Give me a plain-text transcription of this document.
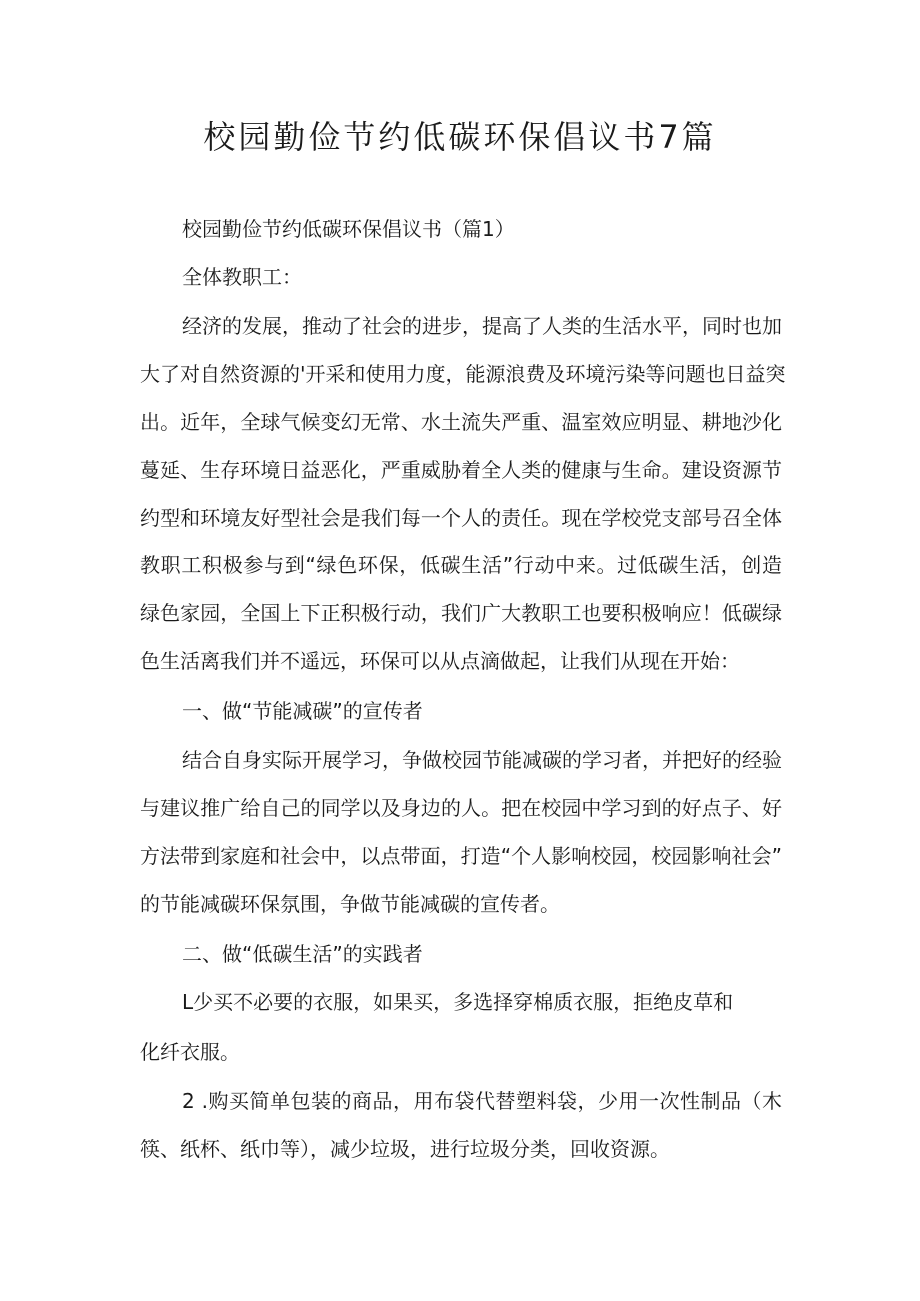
校园勤俭节约低碳环保倡议书7篇
校园勤俭节约低碳环保倡议书（篇1）
全体教职工：
经济的发展，推动了社会的进步，提高了人类的生活水平，同时也加
大了对自然资源的'开采和使用力度，能源浪费及环境污染等问题也日益突
出。近年，全球气候变幻无常、水土流失严重、温室效应明显、耕地沙化
蔓延、生存环境日益恶化，严重威胁着全人类的健康与生命。建设资源节
约型和环境友好型社会是我们每一个人的责任。现在学校党支部号召全体
教职工积极参与到“绿色环保，低碳生活”行动中来。过低碳生活，创造
绿色家园，全国上下正积极行动，我们广大教职工也要积极响应！低碳绿
色生活离我们并不遥远，环保可以从点滴做起，让我们从现在开始：
一、做“节能减碳”的宣传者
结合自身实际开展学习，争做校园节能减碳的学习者，并把好的经验
与建议推广给自己的同学以及身边的人。把在校园中学习到的好点子、好
方法带到家庭和社会中，以点带面，打造“个人影响校园，校园影响社会”
的节能减碳环保氛围，争做节能减碳的宣传者。
二、做“低碳生活”的实践者
L少买不必要的衣服，如果买，多选择穿棉质衣服，拒绝皮草和
化纤衣服。
2 .购买简单包装的商品，用布袋代替塑料袋，少用一次性制品（木
筷、纸杯、纸巾等），减少垃圾，进行垃圾分类，回收资源。
